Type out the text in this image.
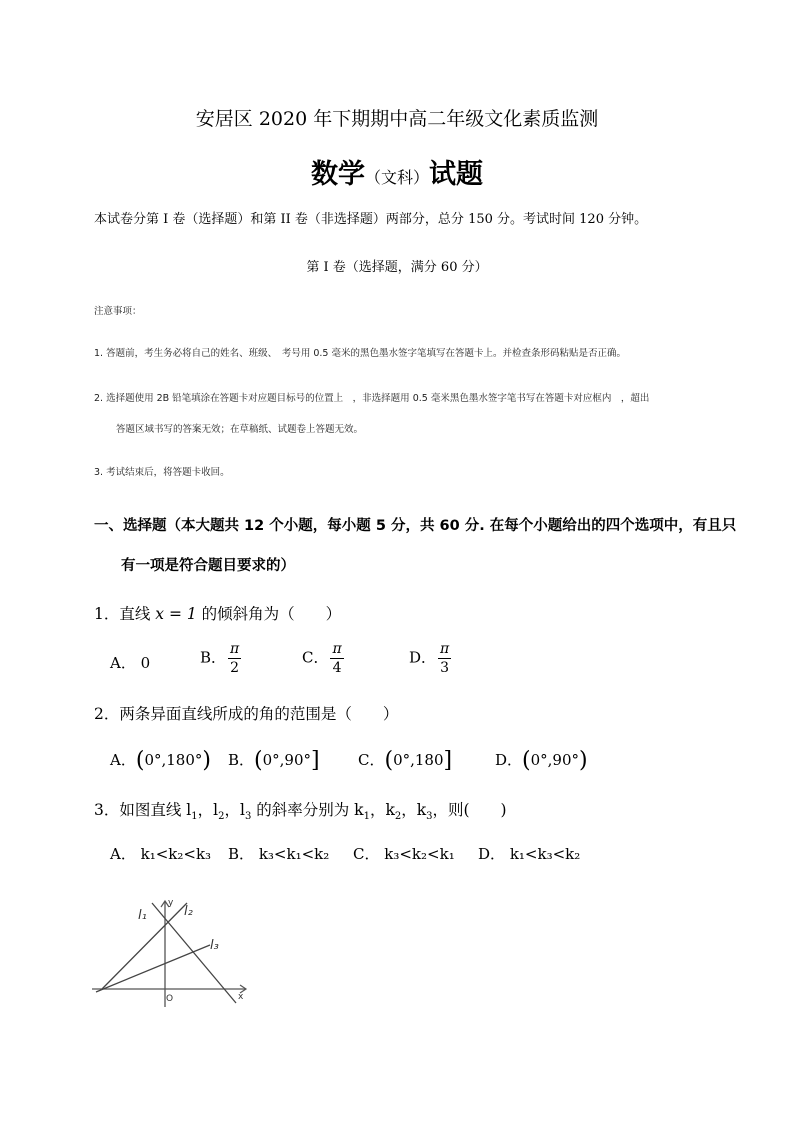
安居区 2020 年下期期中高二年级文化素质监测
数学（文科）试题
本试卷分第 I 卷（选择题）和第 II 卷（非选择题）两部分，总分 150 分。考试时间 120 分钟。
第 Ⅰ 卷（选择题，满分 60 分）
注意事项：
1. 答题前，考生务必将自己的姓名、班级、　考号用 0.5 毫米的黑色墨水签字笔填写在答题卡上。并检查条形码粘贴是否正确。
2. 选择题使用 2B 铅笔填涂在答题卡对应题目标号的位置上　，非选择题用 0.5 毫米黑色墨水签字笔书写在答题卡对应框内　，超出
答题区域书写的答案无效；在草稿纸、试题卷上答题无效。
3. 考试结束后，将答题卡收回。
一、选择题（本大题共 12 个小题，每小题 5 分，共 60 分. 在每个小题给出的四个选项中，有且只
有一项是符合题目要求的）
1．直线 x = 1 的倾斜角为（　　）
A． 0	B． $\frac{\pi}{2}$	C． $\frac{\pi}{4}$	D． $\frac{\pi}{3}$
2．两条异面直线所成的角的范围是（　　）
A．(0°,180°) B．(0°,90°]	C．(0°,180]	D．(0°,90°)
3．如图直线 $l_1$，$l_2$，$l_3$ 的斜率分别为 $k_1$，$k_2$，$k_3$，则(　　)
A． k₁<k₂<k₃ B． k₃<k₁<k₂ C． k₃<k₂<k₁ D． k₁<k₃<k₂
l₁	l₂
l₃
y
x
O
